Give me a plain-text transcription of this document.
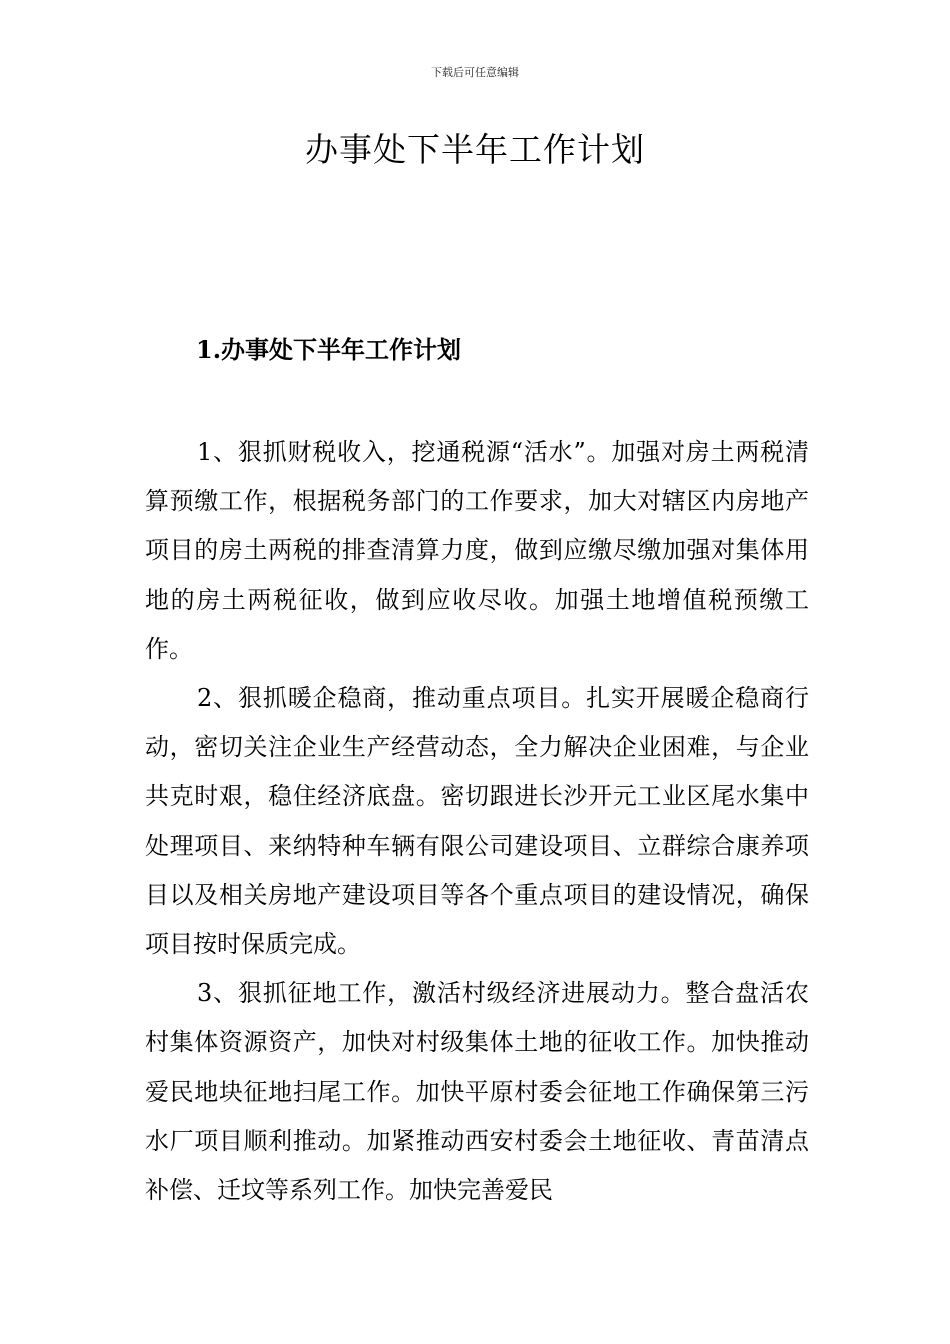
下载后可任意编辑
办事处下半年工作计划
1.办事处下半年工作计划

1、狠抓财税收入，挖通税源“活水”。加强对房土两税清算预缴工作，根据税务部门的工作要求，加大对辖区内房地产项目的房土两税的排查清算力度，做到应缴尽缴加强对集体用地的房土两税征收，做到应收尽收。加强土地增值税预缴工作。

2、狠抓暖企稳商，推动重点项目。扎实开展暖企稳商行动，密切关注企业生产经营动态，全力解决企业困难，与企业共克时艰，稳住经济底盘。密切跟进长沙开元工业区尾水集中处理项目、来纳特种车辆有限公司建设项目、立群综合康养项目以及相关房地产建设项目等各个重点项目的建设情况，确保项目按时保质完成。

3、狠抓征地工作，激活村级经济进展动力。整合盘活农村集体资源资产，加快对村级集体土地的征收工作。加快推动爱民地块征地扫尾工作。加快平原村委会征地工作确保第三污水厂项目顺利推动。加紧推动西安村委会土地征收、青苗清点补偿、迁坟等系列工作。加快完善爱民
